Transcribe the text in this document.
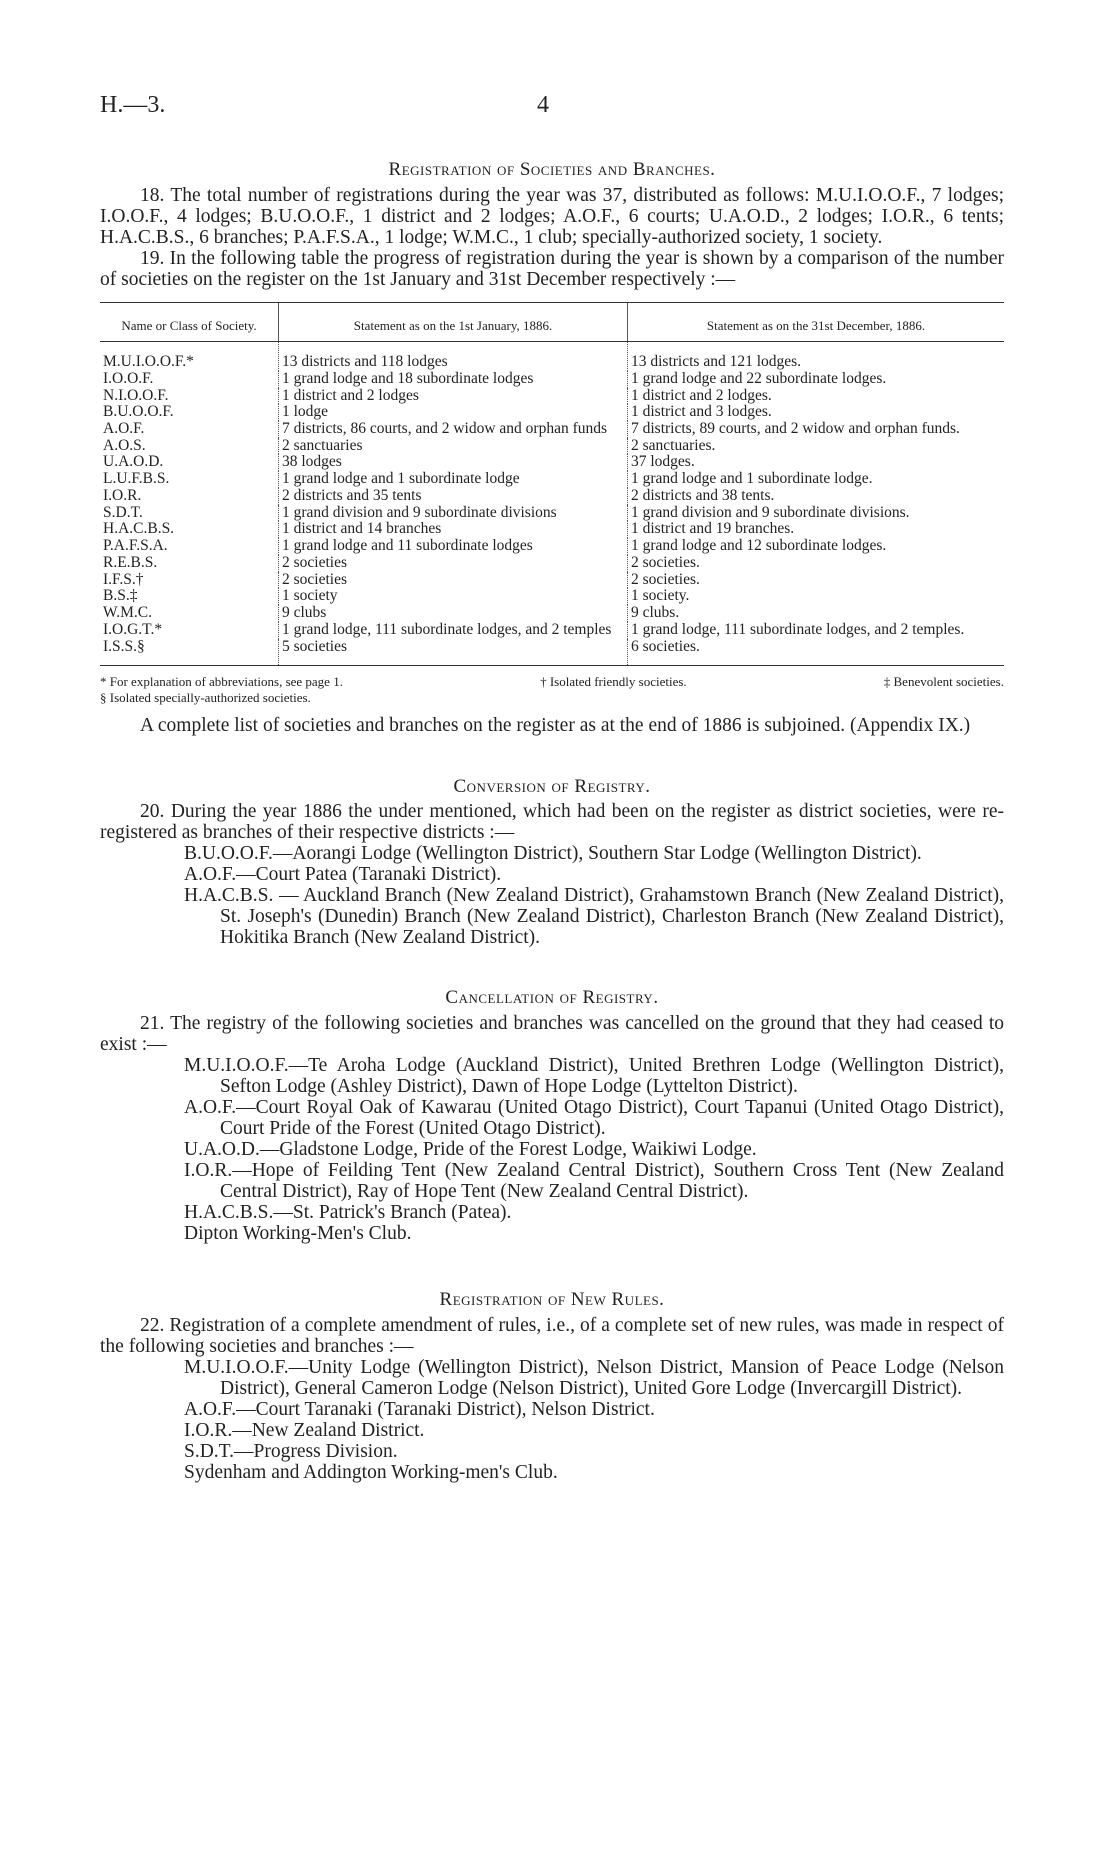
H.—3.	4
Registration of Societies and Branches.

18. The total number of registrations during the year was 37, distributed as follows: M.U.I.O.O.F., 7 lodges; I.O.O.F., 4 lodges; B.U.O.O.F., 1 district and 2 lodges; A.O.F., 6 courts; U.A.O.D., 2 lodges; I.O.R., 6 tents; H.A.C.B.S., 6 branches; P.A.F.S.A., 1 lodge; W.M.C., 1 club; specially-authorized society, 1 society.

19. In the following table the progress of registration during the year is shown by a comparison of the number of societies on the register on the 1st January and 31st December respectively :—

Name or Class of Society.	Statement as on the 1st January, 1886.	Statement as on the 31st December, 1886.
M.U.I.O.O.F.*	13 districts and 118 lodges	13 districts and 121 lodges.
I.O.O.F.	1 grand lodge and 18 subordinate lodges	1 grand lodge and 22 subordinate lodges.
N.I.O.O.F.	1 district and 2 lodges	1 district and 2 lodges.
B.U.O.O.F.	1 lodge	1 district and 3 lodges.
A.O.F.	7 districts, 86 courts, and 2 widow and orphan funds	7 districts, 89 courts, and 2 widow and orphan funds.
A.O.S.	2 sanctuaries	2 sanctuaries.
U.A.O.D.	38 lodges	37 lodges.
L.U.F.B.S.	1 grand lodge and 1 subordinate lodge	1 grand lodge and 1 subordinate lodge.
I.O.R.	2 districts and 35 tents	2 districts and 38 tents.
S.D.T.	1 grand division and 9 subordinate divisions	1 grand division and 9 subordinate divisions.
H.A.C.B.S.	1 district and 14 branches	1 district and 19 branches.
P.A.F.S.A.	1 grand lodge and 11 subordinate lodges	1 grand lodge and 12 subordinate lodges.
R.E.B.S.	2 societies	2 societies.
I.F.S.†	2 societies	2 societies.
B.S.‡	1 society	1 society.
W.M.C.	9 clubs	9 clubs.
I.O.G.T.*	1 grand lodge, 111 subordinate lodges, and 2 temples	1 grand lodge, 111 subordinate lodges, and 2 temples.
I.S.S.§	5 societies	6 societies.
* For explanation of abbreviations, see page 1.	† Isolated friendly societies.	‡ Benevolent societies.
§ Isolated specially-authorized societies.

A complete list of societies and branches on the register as at the end of 1886 is subjoined. (Appendix IX.)

Conversion of Registry.

20. During the year 1886 the under mentioned, which had been on the register as district societies, were re-registered as branches of their respective districts :—

B.U.O.O.F.—Aorangi Lodge (Wellington District), Southern Star Lodge (Wellington District).

A.O.F.—Court Patea (Taranaki District).

H.A.C.B.S. — Auckland Branch (New Zealand District), Grahamstown Branch (New Zealand District), St. Joseph's (Dunedin) Branch (New Zealand District), Charleston Branch (New Zealand District), Hokitika Branch (New Zealand District).

Cancellation of Registry.

21. The registry of the following societies and branches was cancelled on the ground that they had ceased to exist :—

M.U.I.O.O.F.—Te Aroha Lodge (Auckland District), United Brethren Lodge (Wellington District), Sefton Lodge (Ashley District), Dawn of Hope Lodge (Lyttelton District).

A.O.F.—Court Royal Oak of Kawarau (United Otago District), Court Tapanui (United Otago District), Court Pride of the Forest (United Otago District).

U.A.O.D.—Gladstone Lodge, Pride of the Forest Lodge, Waikiwi Lodge.

I.O.R.—Hope of Feilding Tent (New Zealand Central District), Southern Cross Tent (New Zealand Central District), Ray of Hope Tent (New Zealand Central District).

H.A.C.B.S.—St. Patrick's Branch (Patea).

Dipton Working-Men's Club.

Registration of New Rules.

22. Registration of a complete amendment of rules, i.e., of a complete set of new rules, was made in respect of the following societies and branches :—

M.U.I.O.O.F.—Unity Lodge (Wellington District), Nelson District, Mansion of Peace Lodge (Nelson District), General Cameron Lodge (Nelson District), United Gore Lodge (Invercargill District).

A.O.F.—Court Taranaki (Taranaki District), Nelson District.

I.O.R.—New Zealand District.

S.D.T.—Progress Division.

Sydenham and Addington Working-men's Club.
